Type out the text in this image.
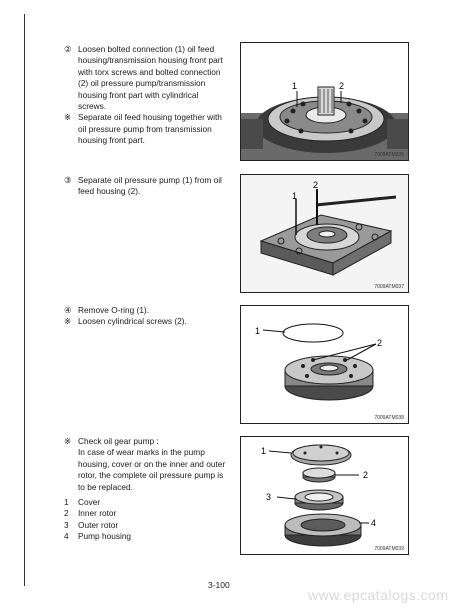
② Loosen bolted connection (1) oil feed

housing/transmission housing front part

with torx screws and bolted connection

(2) oil pressure pump/transmission

housing front part with cylindrical screws.

※ Separate oil feed housing together with

oil pressure pump from transmission

housing front part.

1	2
7009ATM035

③ Separate oil pressure pump (1) from oil

feed housing (2).

2
1
7009ATM037

④ Remove O-ring (1).

※ Loosen cylindrical screws (2).

1
2
7009ATM038

※ Check oil gear pump :

In case of wear marks in the pump

housing, cover or on the inner and outer

rotor, the complete oil pressure pump is

to be replaced.

1	Cover
2	Inner rotor
3	Outer rotor
4	Pump housing
1
2
3
4
7009ATM039
3-100
www.epcatalogs.com
